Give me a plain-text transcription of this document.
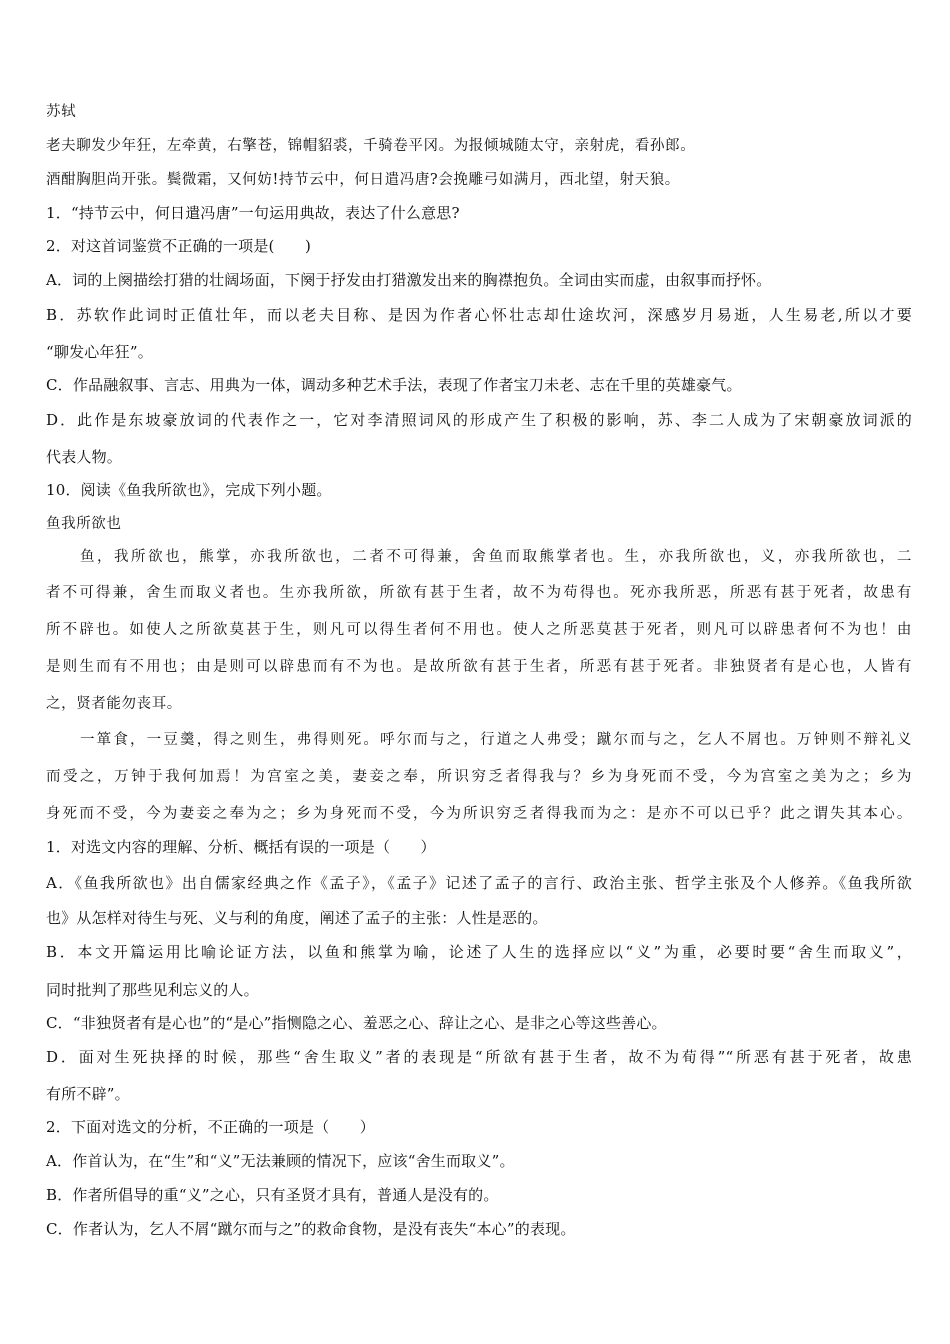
苏轼
老夫聊发少年狂，左牵黄，右擎苍，锦帽貂裘，千骑卷平冈。为报倾城随太守，亲射虎，看孙郎。
酒酣胸胆尚开张。鬓微霜，又何妨!持节云中，何日遣冯唐?会挽雕弓如满月，西北望，射天狼。
1．“持节云中，何日遣冯唐”一句运用典故，表达了什么意思?
2．对这首词鉴赏不正确的一项是(　　)
A．词的上阕描绘打猎的壮阔场面，下阕于抒发由打猎激发出来的胸襟抱负。全词由实而虚，由叙事而抒怀。
B．苏软作此词时正值壮年，而以老夫目称、是因为作者心怀壮志却仕途坎河，深感岁月易逝，人生易老,所以才要
“聊发心年狂”。
C．作品融叙事、言志、用典为一体，调动多种艺术手法，表现了作者宝刀未老、志在千里的英雄豪气。
D．此作是东坡豪放词的代表作之一，它对李清照词风的形成产生了积极的影响，苏、李二人成为了宋朝豪放词派的
代表人物。
10．阅读《鱼我所欲也》，完成下列小题。
鱼我所欲也
鱼，我所欲也，熊掌，亦我所欲也，二者不可得兼，舍鱼而取熊掌者也。生，亦我所欲也，义，亦我所欲也，二
者不可得兼，舍生而取义者也。生亦我所欲，所欲有甚于生者，故不为苟得也。死亦我所恶，所恶有甚于死者，故患有
所不辟也。如使人之所欲莫甚于生，则凡可以得生者何不用也。使人之所恶莫甚于死者，则凡可以辟患者何不为也！由
是则生而有不用也；由是则可以辟患而有不为也。是故所欲有甚于生者，所恶有甚于死者。非独贤者有是心也，人皆有
之，贤者能勿丧耳。
一箪食，一豆羹，得之则生，弗得则死。呼尔而与之，行道之人弗受；蹴尔而与之，乞人不屑也。万钟则不辩礼义
而受之，万钟于我何加焉！为宫室之美，妻妾之奉，所识穷乏者得我与？乡为身死而不受，今为宫室之美为之；乡为
身死而不受，今为妻妾之奉为之；乡为身死而不受，今为所识穷乏者得我而为之：是亦不可以已乎？此之谓失其本心。
1．对选文内容的理解、分析、概括有误的一项是（　　）
A．《鱼我所欲也》出自儒家经典之作《孟子》，《孟子》记述了孟子的言行、政治主张、哲学主张及个人修养。《鱼我所欲
也》从怎样对待生与死、义与利的角度，阐述了孟子的主张：人性是恶的。
B．本文开篇运用比喻论证方法，以鱼和熊掌为喻，论述了人生的选择应以“义”为重，必要时要“舍生而取义”，
同时批判了那些见利忘义的人。
C．“非独贤者有是心也”的“是心”指恻隐之心、羞恶之心、辞让之心、是非之心等这些善心。
D．面对生死抉择的时候，那些“舍生取义”者的表现是“所欲有甚于生者，故不为荀得”“所恶有甚于死者，故患
有所不辟”。
2．下面对选文的分析，不正确的一项是（　　）
A．作首认为，在“生”和“义”无法兼顾的情况下，应该“舍生而取义”。
B．作者所倡导的重“义”之心，只有圣贤才具有，普通人是没有的。
C．作者认为，乞人不屑“蹴尔而与之”的救命食物，是没有丧失“本心”的表现。
